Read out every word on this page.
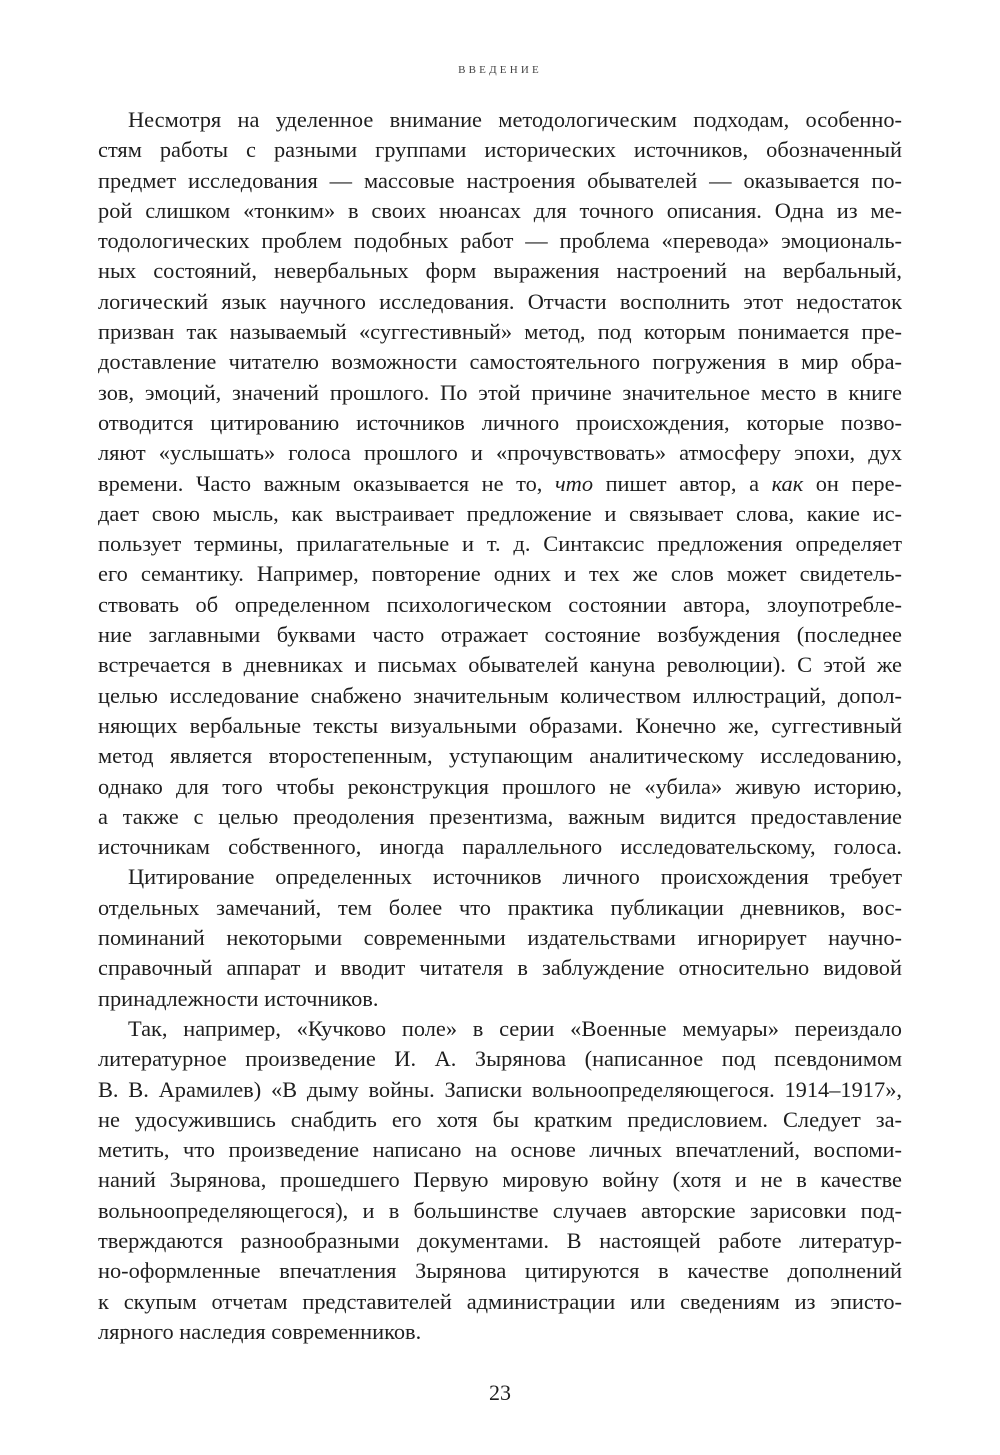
ВВЕДЕНИЕ
Несмотря на уделенное внимание методологическим подходам, особенно-
стям работы с разными группами исторических источников, обозначенный
предмет исследования — массовые настроения обывателей — оказывается по-
рой слишком «тонким» в своих нюансах для точного описания. Одна из ме-
тодологических проблем подобных работ — проблема «перевода» эмоциональ-
ных состояний, невербальных форм выражения настроений на вербальный,
логический язык научного исследования. Отчасти восполнить этот недостаток
призван так называемый «суггестивный» метод, под которым понимается пре-
доставление читателю возможности самостоятельного погружения в мир обра-
зов, эмоций, значений прошлого. По этой причине значительное место в книге
отводится цитированию источников личного происхождения, которые позво-
ляют «услышать» голоса прошлого и «прочувствовать» атмосферу эпохи, дух
времени. Часто важным оказывается не то, что пишет автор, а как он пере-
дает свою мысль, как выстраивает предложение и связывает слова, какие ис-
пользует термины, прилагательные и т. д. Синтаксис предложения определяет
его семантику. Например, повторение одних и тех же слов может свидетель-
ствовать об определенном психологическом состоянии автора, злоупотребле-
ние заглавными буквами часто отражает состояние возбуждения (последнее
встречается в дневниках и письмах обывателей кануна революции). С этой же
целью исследование снабжено значительным количеством иллюстраций, допол-
няющих вербальные тексты визуальными образами. Конечно же, суггестивный
метод является второстепенным, уступающим аналитическому исследованию,
однако для того чтобы реконструкция прошлого не «убила» живую историю,
а также с целью преодоления презентизма, важным видится предоставление
источникам собственного, иногда параллельного исследовательскому, голоса.
Цитирование определенных источников личного происхождения требует
отдельных замечаний, тем более что практика публикации дневников, вос-
поминаний некоторыми современными издательствами игнорирует научно-
справочный аппарат и вводит читателя в заблуждение относительно видовой
принадлежности источников.
Так, например, «Кучково поле» в серии «Военные мемуары» переиздало
литературное произведение И. А. Зырянова (написанное под псевдонимом
В. В. Арамилев) «В дыму войны. Записки вольноопределяющегося. 1914–1917»,
не удосужившись снабдить его хотя бы кратким предисловием. Следует за-
метить, что произведение написано на основе личных впечатлений, воспоми-
наний Зырянова, прошедшего Первую мировую войну (хотя и не в качестве
вольноопределяющегося), и в большинстве случаев авторские зарисовки под-
тверждаются разнообразными документами. В настоящей работе литератур-
но-оформленные впечатления Зырянова цитируются в качестве дополнений
к скупым отчетам представителей администрации или сведениям из эписто-
лярного наследия современников.
23
